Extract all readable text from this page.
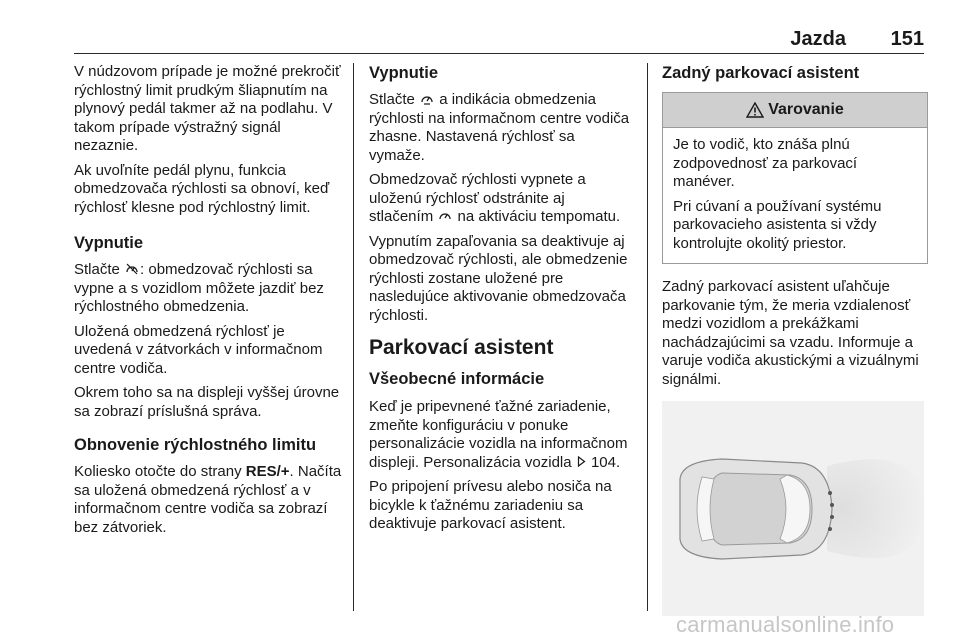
Jazda 151

V núdzovom prípade je možné prekročiť rýchlostný limit prudkým šliapnutím na plynový pedál takmer až na podlahu. V takom prípade výstražný signál nezaznie.

Ak uvoľníte pedál plynu, funkcia obmedzovača rýchlosti sa obnoví, keď rýchlosť klesne pod rýchlostný limit.

Vypnutie

Stlačte : obmedzovač rýchlosti sa vypne a s vozidlom môžete jazdiť bez rýchlostného obmedzenia.

Uložená obmedzená rýchlosť je uvedená v zátvorkách v informačnom centre vodiča.

Okrem toho sa na displeji vyššej úrovne sa zobrazí príslušná správa.

Obnovenie rýchlostného limitu

Koliesko otočte do strany RES/+. Načíta sa uložená obmedzená rýchlosť a v informačnom centre vodiča sa zobrazí bez zátvoriek.

Vypnutie

Stlačte  a indikácia obmedzenia rýchlosti na informačnom centre vodiča zhasne. Nastavená rýchlosť sa vymaže.

Obmedzovač rýchlosti vypnete a uloženú rýchlosť odstránite aj stlačením  na aktiváciu tempomatu.

Vypnutím zapaľovania sa deaktivuje aj obmedzovač rýchlosti, ale obmedzenie rýchlosti zostane uložené pre nasledujúce aktivovanie obmedzovača rýchlosti.

Parkovací asistent
Všeobecné informácie

Keď je pripevnené ťažné zariadenie, zmeňte konfiguráciu v ponuke personalizácie vozidla na informačnom displeji. Personalizácia vozidla  104.

Po pripojení prívesu alebo nosiča na bicykle k ťažnému zariadeniu sa deaktivuje parkovací asistent.

Zadný parkovací asistent
Varovanie

Je to vodič, kto znáša plnú zodpovednosť za parkovací manéver.

Pri cúvaní a používaní systému parkovacieho asistenta si vždy kontrolujte okolitý priestor.

Zadný parkovací asistent uľahčuje parkovanie tým, že meria vzdialenosť medzi vozidlom a prekážkami nachádzajúcimi sa vzadu. Informuje a varuje vodiča akustickými a vizuálnymi signálmi.

carmanualsonline.info
